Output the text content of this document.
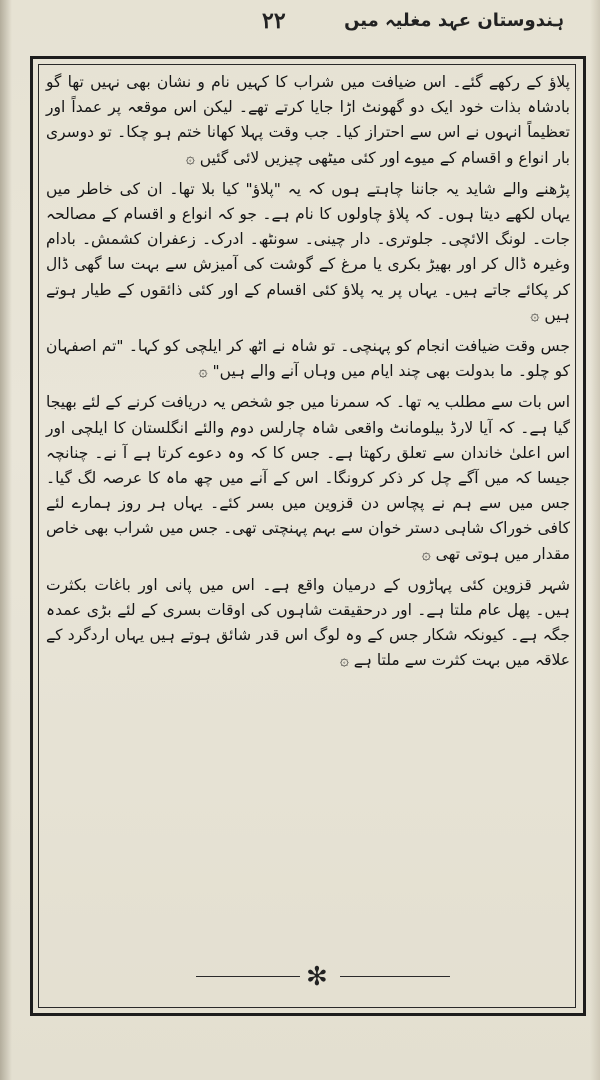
۲۲	ہندوستان عہد مغلیہ میں

پلاؤ کے رکھے گئے۔ اس ضیافت میں شراب کا کہیں نام و نشان بھی نہیں تھا گو بادشاہ بذات خود ایک دو گھونٹ اڑا جایا کرتے تھے۔ لیکن اس موقعہ پر عمداً اور تعظیماً انہوں نے اس سے احتراز کیا۔ جب وقت پہلا کھانا ختم ہو چکا۔ تو دوسری بار انواع و اقسام کے میوے اور کئی میٹھی چیزیں لائی گئیں ۞

پڑھنے والے شاید یہ جاننا چاہتے ہوں کہ یہ "پلاؤ" کیا بلا تھا۔ ان کی خاطر میں یہاں لکھے دیتا ہوں۔ کہ پلاؤ چاولوں کا نام ہے۔ جو کہ انواع و اقسام کے مصالحہ جات۔ لونگ الائچی۔ جلوتری۔ دار چینی۔ سونٹھ۔ ادرک۔ زعفران کشمش۔ بادام وغیرہ ڈال کر اور بھیڑ بکری یا مرغ کے گوشت کی آمیزش سے بہت سا گھی ڈال کر پکائے جاتے ہیں۔ یہاں پر یہ پلاؤ کئی اقسام کے اور کئی ذائقوں کے طیار ہوتے ہیں ۞

جس وقت ضیافت انجام کو پہنچی۔ تو شاہ نے اٹھ کر ایلچی کو کہا۔ "تم اصفہان کو چلو۔ ما بدولت بھی چند ایام میں وہاں آنے والے ہیں" ۞

اس بات سے مطلب یہ تھا۔ کہ سمرنا میں جو شخص یہ دریافت کرنے کے لئے بھیجا گیا ہے۔ کہ آیا لارڈ بیلومانٹ واقعی شاہ چارلس دوم والئے انگلستان کا ایلچی اور اس اعلیٰ خاندان سے تعلق رکھتا ہے۔ جس کا کہ وہ دعوے کرتا ہے آ نے۔ چنانچہ جیسا کہ میں آگے چل کر ذکر کرونگا۔ اس کے آنے میں چھ ماہ کا عرصہ لگ گیا۔ جس میں سے ہم نے پچاس دن قزوین میں بسر کئے۔ یہاں ہر روز ہمارے لئے کافی خوراک شاہی دستر خوان سے بہم پہنچتی تھی۔ جس میں شراب بھی خاص مقدار میں ہوتی تھی ۞

شہر قزوین کئی پہاڑوں کے درمیان واقع ہے۔ اس میں پانی اور باغات بکثرت ہیں۔ پھل عام ملتا ہے۔ اور درحقیقت شاہوں کی اوقات بسری کے لئے بڑی عمدہ جگہ ہے۔ کیونکہ شکار جس کے وہ لوگ اس قدر شائق ہوتے ہیں یہاں اردگرد کے علاقہ میں بہت کثرت سے ملتا ہے ۞

✻
